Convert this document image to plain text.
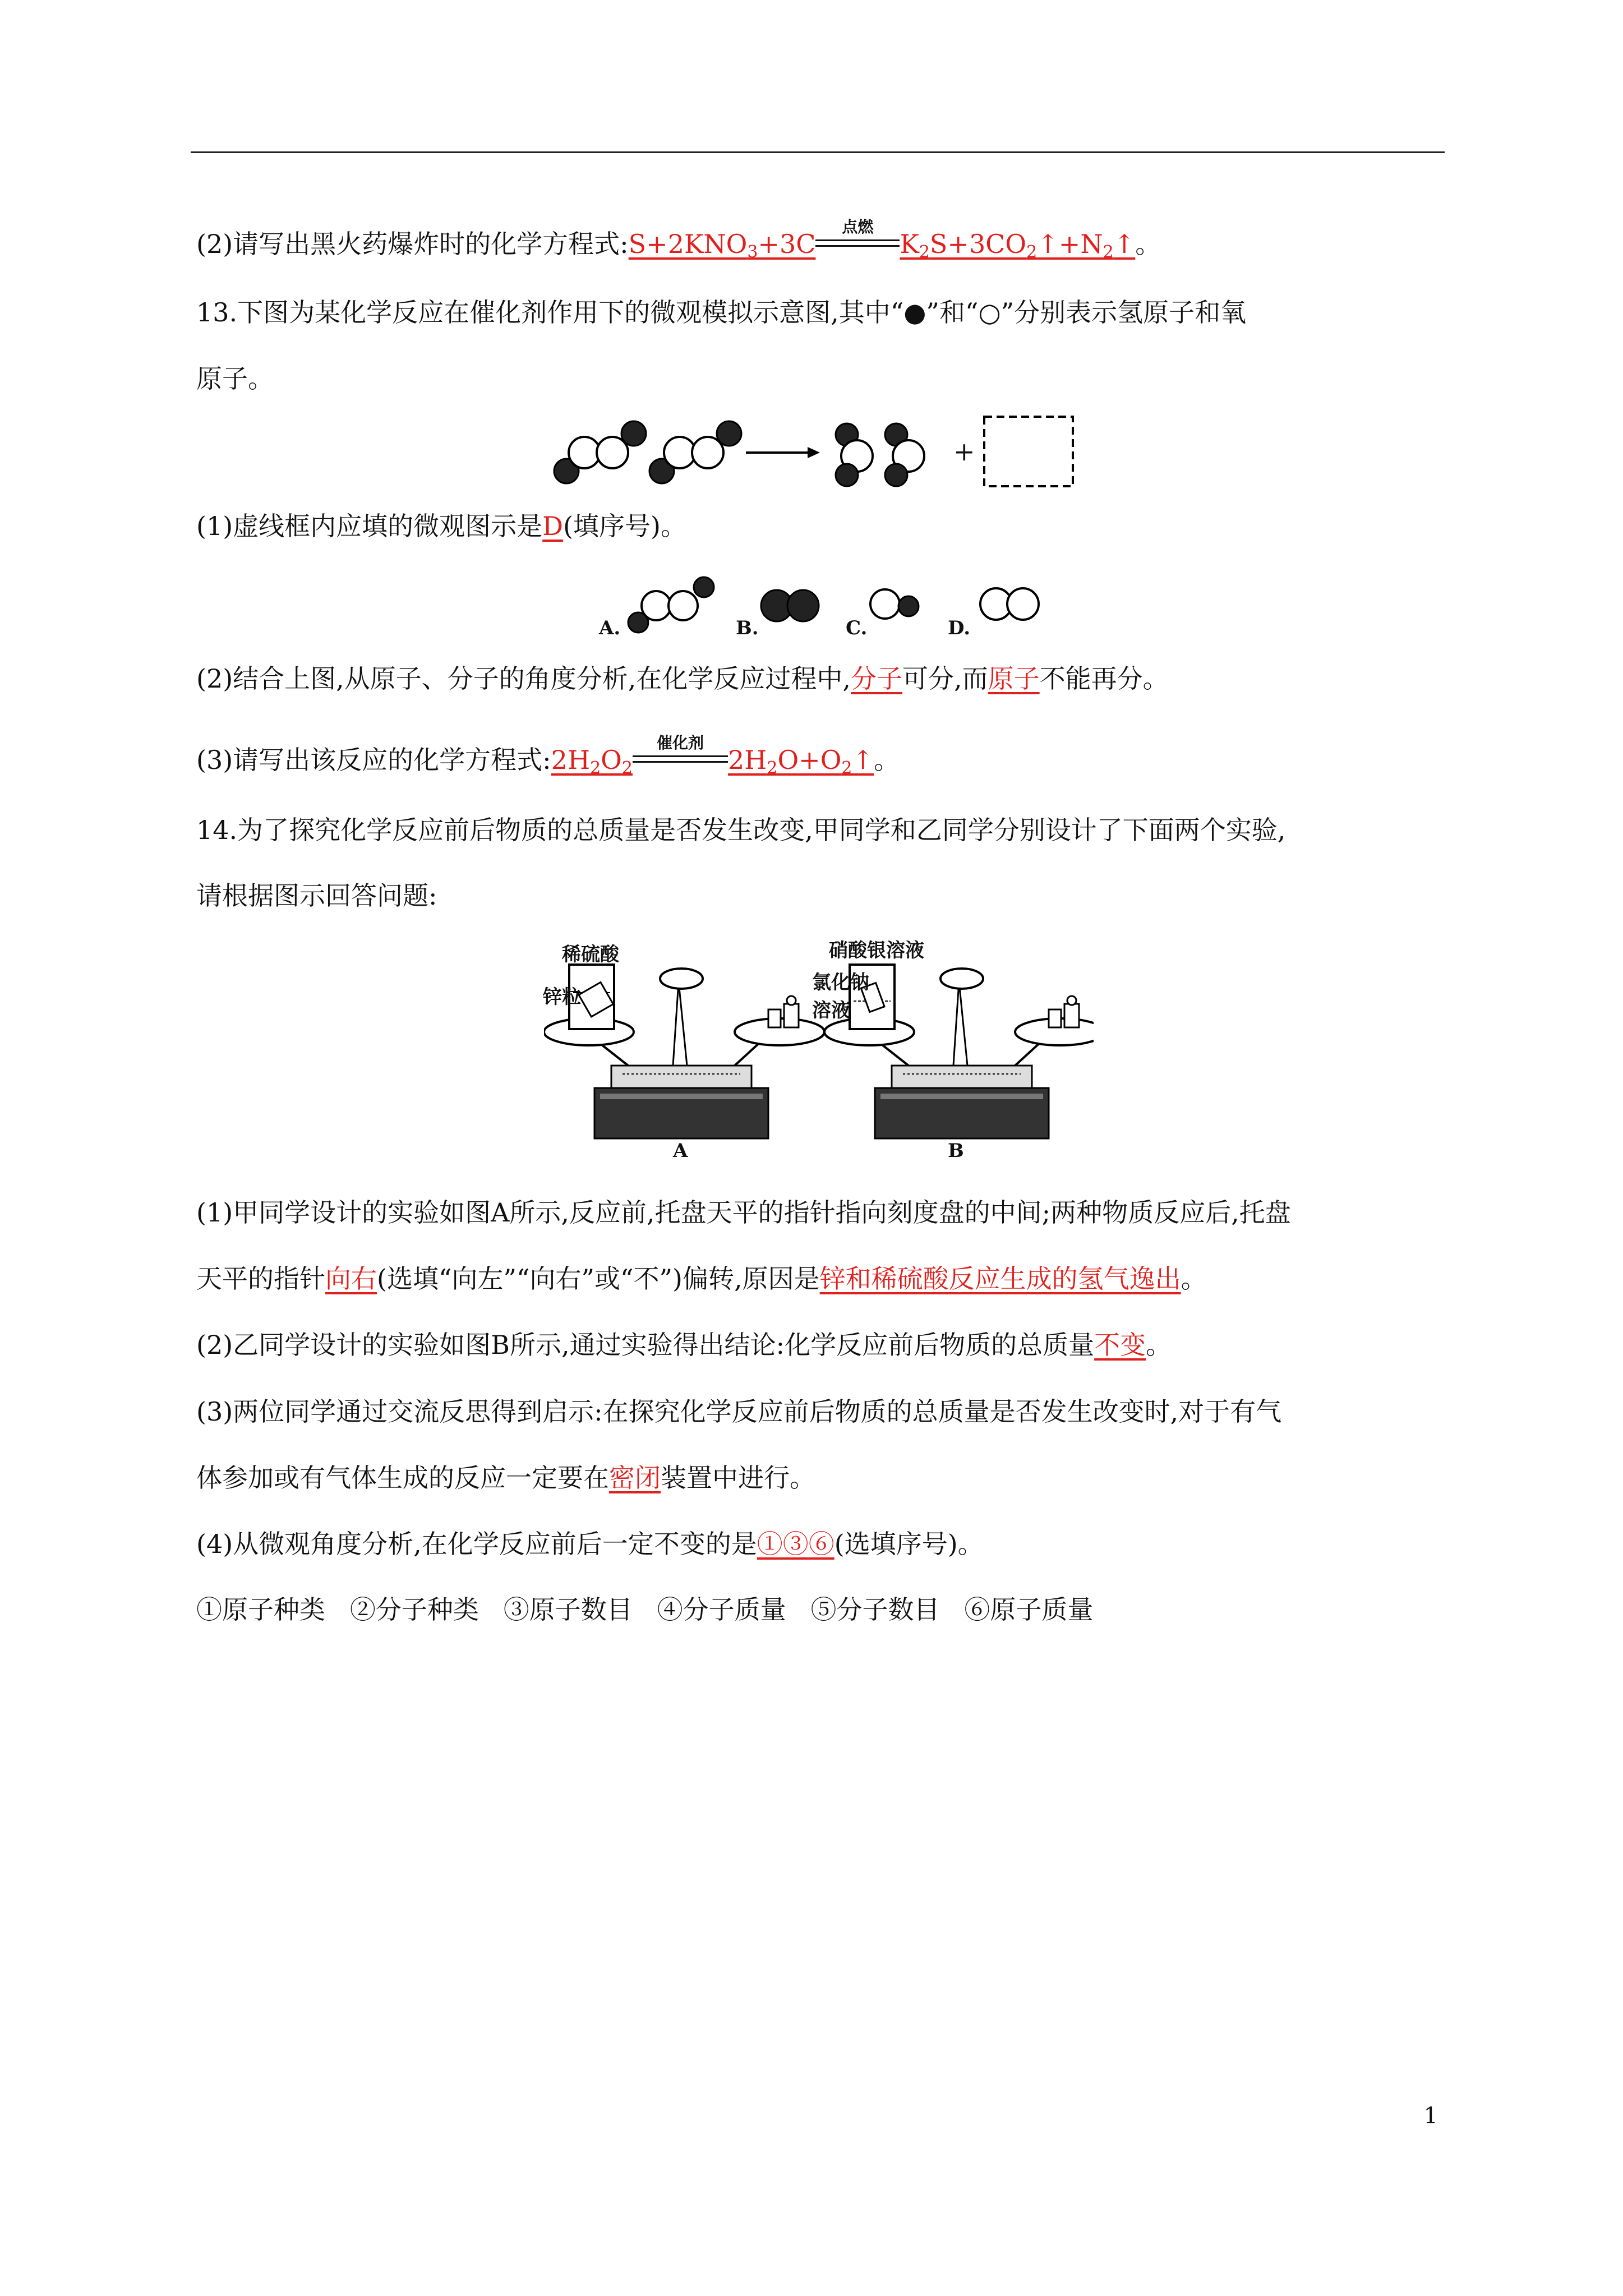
(2)请写出黑火药爆炸时的化学方程式$:S+2KNO_3+3C$
点燃
$K_2S+3CO_2↑+N_2↑$。
13.下图为某化学反应在催化剂作用下的微观模拟示意图,其中“●”和“○”分别表示氢原子和氧
原子。
+
(1)虚线框内应填的微观图示是D(填序号)。
A.	B.	C.	D.
(2)结合上图,从原子、分子的角度分析,在化学反应过程中,分子可分,而原子不能再分。
(3)请写出该反应的化学方程式$:2H_2O_2$
催化剂
$2H_2O+O_2↑$。
14.为了探究化学反应前后物质的总质量是否发生改变,甲同学和乙同学分别设计了下面两个实验,
请根据图示回答问题:
稀硫酸
锌粒
A
硝酸银溶液
氯化钠
溶液
B
(1)甲同学设计的实验如图A所示,反应前,托盘天平的指针指向刻度盘的中间;两种物质反应后,托盘
天平的指针向右(选填“向左”“向右”或“不”)偏转,原因是锌和稀硫酸反应生成的氢气逸出。
(2)乙同学设计的实验如图B所示,通过实验得出结论:化学反应前后物质的总质量不变。
(3)两位同学通过交流反思得到启示:在探究化学反应前后物质的总质量是否发生改变时,对于有气
体参加或有气体生成的反应一定要在密闭装置中进行。
(4)从微观角度分析,在化学反应前后一定不变的是①③⑥(选填序号)。
①原子种类   ②分子种类   ③原子数目   ④分子质量   ⑤分子数目   ⑥原子质量
1
